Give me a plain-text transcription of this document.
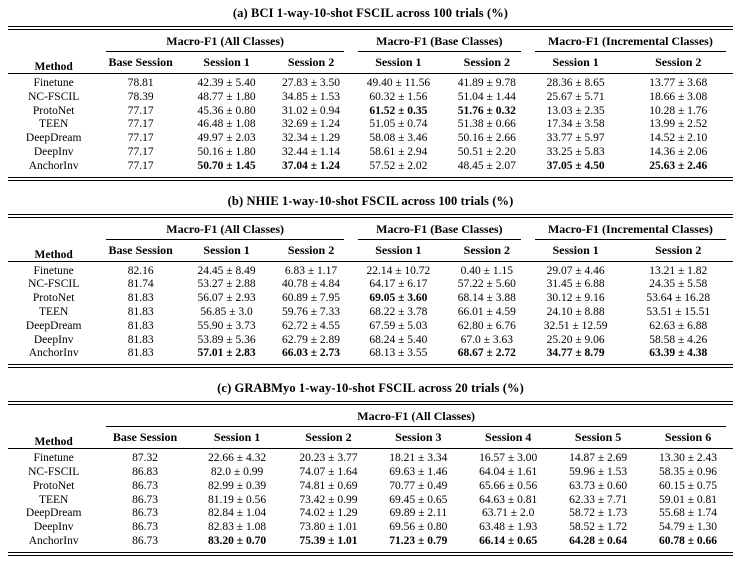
(a) BCI 1-way-10-shot FSCIL across 100 trials (%)
Method	Macro-F1 (All Classes)			Macro-F1 (Base Classes)		Macro-F1 (Incremental Classes)	

	Base Session	Session 1	Session 2	Session 1	Session 2	Session 1	Session 2
Finetune	78.81	42.39 ± 5.40	27.83 ± 3.50	49.40 ± 11.56	41.89 ± 9.78	28.36 ± 8.65	13.77 ± 3.68
NC-FSCIL	78.39	48.77 ± 1.80	34.85 ± 1.53	60.32 ± 1.56	51.04 ± 1.44	25.67 ± 5.71	18.66 ± 3.08
ProtoNet	77.17	45.36 ± 0.80	31.02 ± 0.94	61.52 ± 0.35	51.76 ± 0.32	13.03 ± 2.35	10.28 ± 1.76
TEEN	77.17	46.48 ± 1.08	32.69 ± 1.24	51.05 ± 0.74	51.38 ± 0.66	17.34 ± 3.58	13.99 ± 2.52
DeepDream	77.17	49.97 ± 2.03	32.34 ± 1.29	58.08 ± 3.46	50.16 ± 2.66	33.77 ± 5.97	14.52 ± 2.10
DeepInv	77.17	50.16 ± 1.80	32.44 ± 1.14	58.61 ± 2.94	50.51 ± 2.20	33.25 ± 5.83	14.36 ± 2.06
AnchorInv	77.17	50.70 ± 1.45	37.04 ± 1.24	57.52 ± 2.02	48.45 ± 2.07	37.05 ± 4.50	25.63 ± 2.46
(b) NHIE 1-way-10-shot FSCIL across 100 trials (%)
Method	Macro-F1 (All Classes)			Macro-F1 (Base Classes)		Macro-F1 (Incremental Classes)	

	Base Session	Session 1	Session 2	Session 1	Session 2	Session 1	Session 2
Finetune	82.16	24.45 ± 8.49	6.83 ± 1.17	22.14 ± 10.72	0.40 ± 1.15	29.07 ± 4.46	13.21 ± 1.82
NC-FSCIL	81.74	53.27 ± 2.88	40.78 ± 4.84	64.17 ± 6.17	57.22 ± 5.60	31.45 ± 6.88	24.35 ± 5.58
ProtoNet	81.83	56.07 ± 2.93	60.89 ± 7.95	69.05 ± 3.60	68.14 ± 3.88	30.12 ± 9.16	53.64 ± 16.28
TEEN	81.83	56.85 ± 3.0	59.76 ± 7.33	68.22 ± 3.78	66.01 ± 4.59	24.10 ± 8.88	53.51 ± 15.51
DeepDream	81.83	55.90 ± 3.73	62.72 ± 4.55	67.59 ± 5.03	62.80 ± 6.76	32.51 ± 12.59	62.63 ± 6.88
DeepInv	81.83	53.89 ± 5.36	62.79 ± 2.89	68.24 ± 5.40	67.0 ± 3.63	25.20 ± 9.06	58.58 ± 4.26
AnchorInv	81.83	57.01 ± 2.83	66.03 ± 2.73	68.13 ± 3.55	68.67 ± 2.72	34.77 ± 8.79	63.39 ± 4.38
(c) GRABMyo 1-way-10-shot FSCIL across 20 trials (%)
Method	Macro-F1 (All Classes)						

	Base Session	Session 1	Session 2	Session 3	Session 4	Session 5	Session 6
Finetune	87.32	22.66 ± 4.32	20.23 ± 3.77	18.21 ± 3.34	16.57 ± 3.00	14.87 ± 2.69	13.30 ± 2.43
NC-FSCIL	86.83	82.0 ± 0.99	74.07 ± 1.64	69.63 ± 1.46	64.04 ± 1.61	59.96 ± 1.53	58.35 ± 0.96
ProtoNet	86.73	82.99 ± 0.39	74.81 ± 0.69	70.77 ± 0.49	65.66 ± 0.56	63.73 ± 0.60	60.15 ± 0.75
TEEN	86.73	81.19 ± 0.56	73.42 ± 0.99	69.45 ± 0.65	64.63 ± 0.81	62.33 ± 7.71	59.01 ± 0.81
DeepDream	86.73	82.84 ± 1.04	74.02 ± 1.29	69.89 ± 2.11	63.71 ± 2.0	58.72 ± 1.73	55.68 ± 1.74
DeepInv	86.73	82.83 ± 1.08	73.80 ± 1.01	69.56 ± 0.80	63.48 ± 1.93	58.52 ± 1.72	54.79 ± 1.30
AnchorInv	86.73	83.20 ± 0.70	75.39 ± 1.01	71.23 ± 0.79	66.14 ± 0.65	64.28 ± 0.64	60.78 ± 0.66
